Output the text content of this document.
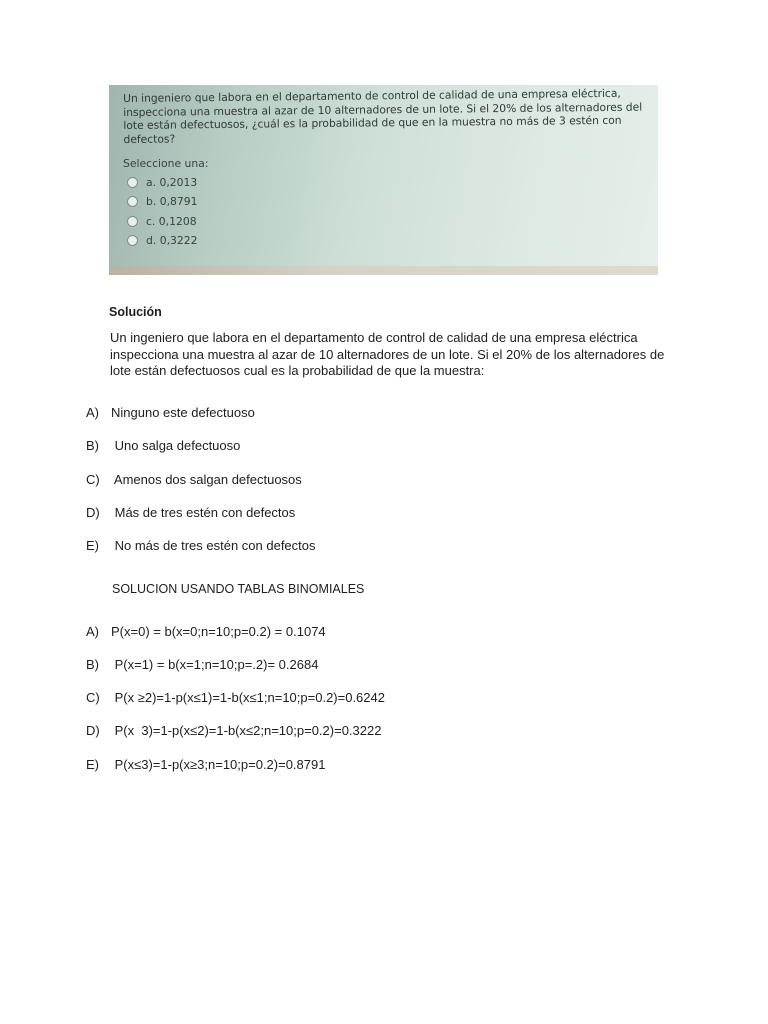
Un ingeniero que labora en el departamento de control de calidad de una empresa eléctrica, inspecciona una muestra al azar de 10 alternadores de un lote. Si el 20% de los alternadores del lote están defectuosos, ¿cuál es la probabilidad de que en la muestra no más de 3 estén con defectos?

Seleccione una:
a. 0,2013
b. 0,8791
c. 0,1208
d. 0,3222

Solución

Un ingeniero que labora en el departamento de control de calidad de una empresa eléctrica inspecciona una muestra al azar de 10 alternadores de un lote. Si el 20% de los alternadores de lote están defectuosos cual es la probabilidad de que la muestra:

A) Ninguno este defectuoso
B) Uno salga defectuoso
C) Amenos dos salgan defectuosos
D) Más de tres estén con defectos
E) No más de tres estén con defectos

SOLUCION USANDO TABLAS BINOMIALES

A) P(x=0) = b(x=0;n=10;p=0.2) = 0.1074
B) P(x=1) = b(x=1;n=10;p=.2)= 0.2684
C) P(x ≥2)=1-p(x≤1)=1-b(x≤1;n=10;p=0.2)=0.6242
D) P(x  3)=1-p(x≤2)=1-b(x≤2;n=10;p=0.2)=0.3222
E) P(x≤3)=1-p(x≥3;n=10;p=0.2)=0.8791
